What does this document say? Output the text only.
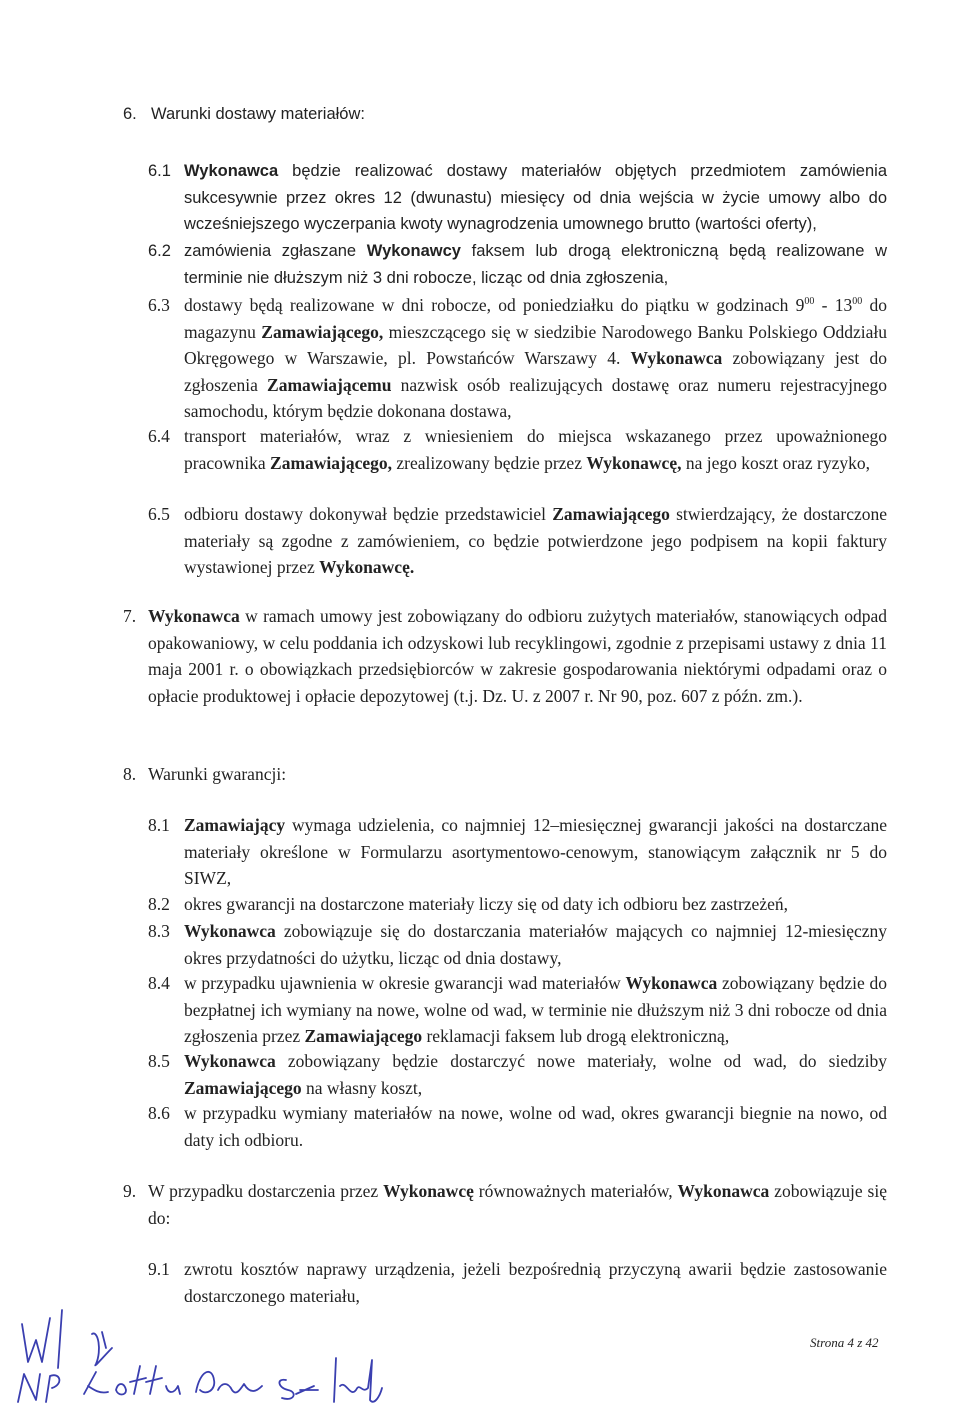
6. Warunki dostawy materiałów:
6.1 Wykonawca będzie realizować dostawy materiałów objętych przedmiotem zamówienia sukcesywnie przez okres 12 (dwunastu) miesięcy od dnia wejścia w życie umowy albo do wcześniejszego wyczerpania kwoty wynagrodzenia umownego brutto (wartości oferty),

6.2 zamówienia zgłaszane Wykonawcy faksem lub drogą elektroniczną będą realizowane w terminie nie dłuższym niż 3 dni robocze, licząc od dnia zgłoszenia,

6.3 dostawy będą realizowane w dni robocze, od poniedziałku do piątku w godzinach $9^{00} - 13^{00}$ do magazynu Zamawiającego, mieszczącego się w siedzibie Narodowego Banku Polskiego Oddziału Okręgowego w Warszawie, pl. Powstańców Warszawy 4. Wykonawca zobowiązany jest do zgłoszenia Zamawiającemu nazwisk osób realizujących dostawę oraz numeru rejestracyjnego samochodu, którym będzie dokonana dostawa,

6.4 transport materiałów, wraz z wniesieniem do miejsca wskazanego przez upoważnionego pracownika Zamawiającego, zrealizowany będzie przez Wykonawcę, na jego koszt oraz ryzyko,

6.5 odbioru dostawy dokonywał będzie przedstawiciel Zamawiającego stwierdzający, że dostarczone materiały są zgodne z zamówieniem, co będzie potwierdzone jego podpisem na kopii faktury wystawionej przez Wykonawcę.

7. Wykonawca w ramach umowy jest zobowiązany do odbioru zużytych materiałów, stanowiących odpad opakowaniowy, w celu poddania ich odzyskowi lub recyklingowi, zgodnie z przepisami ustawy z dnia 11 maja 2001 r. o obowiązkach przedsiębiorców w zakresie gospodarowania niektórymi odpadami oraz o opłacie produktowej i opłacie depozytowej (t.j. Dz. U. z 2007 r. Nr 90, poz. 607 z późn. zm.).

8. Warunki gwarancji:
8.1 Zamawiający wymaga udzielenia, co najmniej 12–miesięcznej gwarancji jakości na dostarczane materiały określone w Formularzu asortymentowo-cenowym, stanowiącym załącznik nr 5 do SIWZ,

8.2 okres gwarancji na dostarczone materiały liczy się od daty ich odbioru bez zastrzeżeń,

8.3 Wykonawca zobowiązuje się do dostarczania materiałów mających co najmniej 12-miesięczny okres przydatności do użytku, licząc od dnia dostawy,

8.4 w przypadku ujawnienia w okresie gwarancji wad materiałów Wykonawca zobowiązany będzie do bezpłatnej ich wymiany na nowe, wolne od wad, w terminie nie dłuższym niż 3 dni robocze od dnia zgłoszenia przez Zamawiającego reklamacji faksem lub drogą elektroniczną,

8.5 Wykonawca zobowiązany będzie dostarczyć nowe materiały, wolne od wad, do siedziby Zamawiającego na własny koszt,

8.6 w przypadku wymiany materiałów na nowe, wolne od wad, okres gwarancji biegnie na nowo, od daty ich odbioru.

9. W przypadku dostarczenia przez Wykonawcę równoważnych materiałów, Wykonawca zobowiązuje się do:

9.1 zwrotu kosztów naprawy urządzenia, jeżeli bezpośrednią przyczyną awarii będzie zastosowanie dostarczonego materiału,

Strona 4 z 42
